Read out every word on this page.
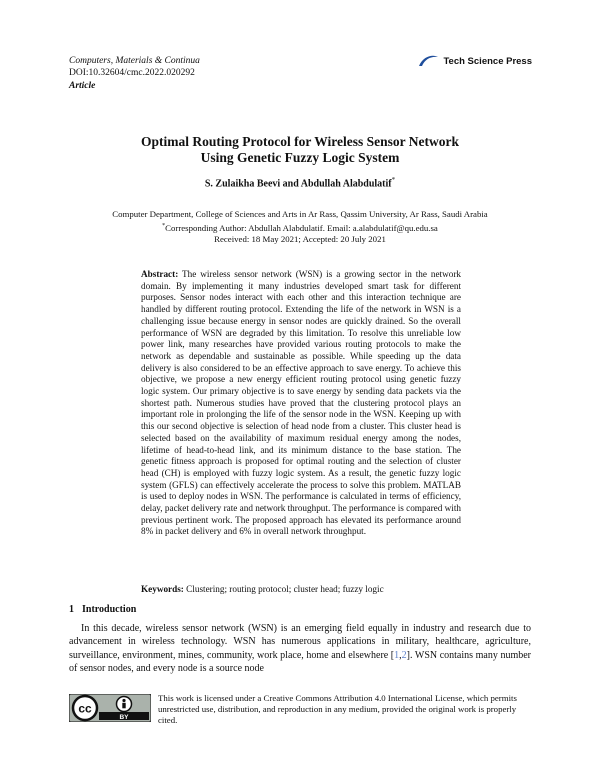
Computers, Materials & Continua
DOI:10.32604/cmc.2022.020292
Article
Tech Science Press
Optimal Routing Protocol for Wireless Sensor Network
Using Genetic Fuzzy Logic System
S. Zulaikha Beevi and Abdullah Alabdulatif*
Computer Department, College of Sciences and Arts in Ar Rass, Qassim University, Ar Rass, Saudi Arabia
*Corresponding Author: Abdullah Alabdulatif. Email: a.alabdulatif@qu.edu.sa
Received: 18 May 2021; Accepted: 20 July 2021
Abstract: The wireless sensor network (WSN) is a growing sector in the network domain. By implementing it many industries developed smart task for different purposes. Sensor nodes interact with each other and this interaction technique are handled by different routing protocol. Extending the life of the network in WSN is a challenging issue because energy in sensor nodes are quickly drained. So the overall performance of WSN are degraded by this limitation. To resolve this unreliable low power link, many researches have provided various routing protocols to make the network as dependable and sustainable as possible. While speeding up the data delivery is also considered to be an effective approach to save energy. To achieve this objective, we propose a new energy efficient routing protocol using genetic fuzzy logic system. Our primary objective is to save energy by sending data packets via the shortest path. Numerous studies have proved that the clustering protocol plays an important role in prolonging the life of the sensor node in the WSN. Keeping up with this our second objective is selection of head node from a cluster. This cluster head is selected based on the availability of maximum residual energy among the nodes, lifetime of head-to-head link, and its minimum distance to the base station. The genetic fitness approach is proposed for optimal routing and the selection of cluster head (CH) is employed with fuzzy logic system. As a result, the genetic fuzzy logic system (GFLS) can effectively accelerate the process to solve this problem. MATLAB is used to deploy nodes in WSN. The performance is calculated in terms of efficiency, delay, packet delivery rate and network throughput. The performance is compared with previous pertinent work. The proposed approach has elevated its performance around 8% in packet delivery and 6% in overall network throughput.
Keywords: Clustering; routing protocol; cluster head; fuzzy logic
1 Introduction
In this decade, wireless sensor network (WSN) is an emerging field equally in industry and research due to advancement in wireless technology. WSN has numerous applications in military, healthcare, agriculture, surveillance, environment, mines, community, work place, home and elsewhere [1,2]. WSN contains many number of sensor nodes, and every node is a source node
cc
BY
This work is licensed under a Creative Commons Attribution 4.0 International License, which permits unrestricted use, distribution, and reproduction in any medium, provided the original work is properly cited.
